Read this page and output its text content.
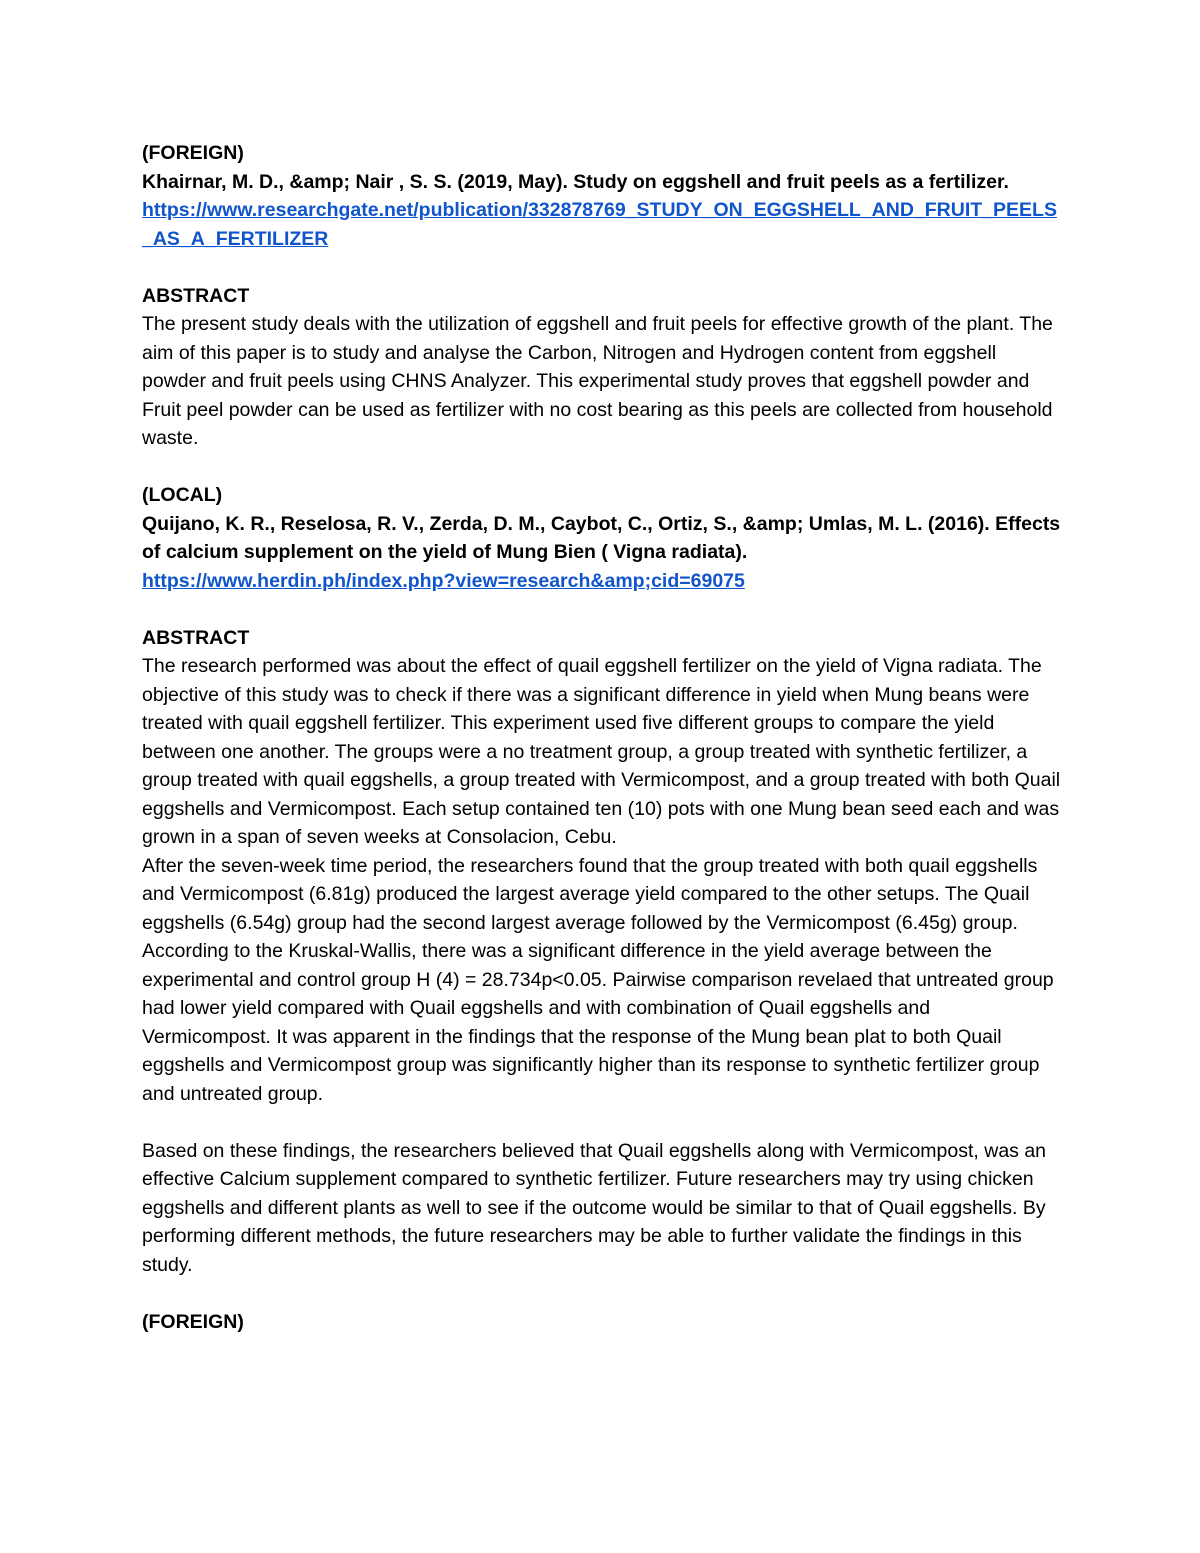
(FOREIGN)

Khairnar, M. D., &amp; Nair , S. S. (2019, May). Study on eggshell and fruit peels as a fertilizer.

https://www.researchgate.net/publication/332878769_STUDY_ON_EGGSHELL_AND_FRUIT_PEELS_AS_A_FERTILIZER

ABSTRACT

The present study deals with the utilization of eggshell and fruit peels for effective growth of the plant. The aim of this paper is to study and analyse the Carbon, Nitrogen and Hydrogen content from eggshell powder and fruit peels using CHNS Analyzer. This experimental study proves that eggshell powder and Fruit peel powder can be used as fertilizer with no cost bearing as this peels are collected from household waste.

(LOCAL)

Quijano, K. R., Reselosa, R. V., Zerda, D. M., Caybot, C., Ortiz, S., &amp; Umlas, M. L. (2016). Effects of calcium supplement on the yield of Mung Bien ( Vigna radiata).

https://www.herdin.ph/index.php?view=research&amp;cid=69075

ABSTRACT

The research performed was about the effect of quail eggshell fertilizer on the yield of Vigna radiata. The objective of this study was to check if there was a significant difference in yield when Mung beans were treated with quail eggshell fertilizer. This experiment used five different groups to compare the yield between one another. The groups were a no treatment group, a group treated with synthetic fertilizer, a group treated with quail eggshells, a group treated with Vermicompost, and a group treated with both Quail eggshells and Vermicompost. Each setup contained ten (10) pots with one Mung bean seed each and was grown in a span of seven weeks at Consolacion, Cebu.

After the seven-week time period, the researchers found that the group treated with both quail eggshells and Vermicompost (6.81g) produced the largest average yield compared to the other setups. The Quail eggshells (6.54g) group had the second largest average followed by the Vermicompost (6.45g) group. According to the Kruskal-Wallis, there was a significant difference in the yield average between the experimental and control group H (4) = 28.734p<0.05. Pairwise comparison revelaed that untreated group had lower yield compared with Quail eggshells and with combination of Quail eggshells and Vermicompost. It was apparent in the findings that the response of the Mung bean plat to both Quail eggshells and Vermicompost group was significantly higher than its response to synthetic fertilizer group and untreated group.

Based on these findings, the researchers believed that Quail eggshells along with Vermicompost, was an effective Calcium supplement compared to synthetic fertilizer. Future researchers may try using chicken eggshells and different plants as well to see if the outcome would be similar to that of Quail eggshells. By performing different methods, the future researchers may be able to further validate the findings in this study.

(FOREIGN)
